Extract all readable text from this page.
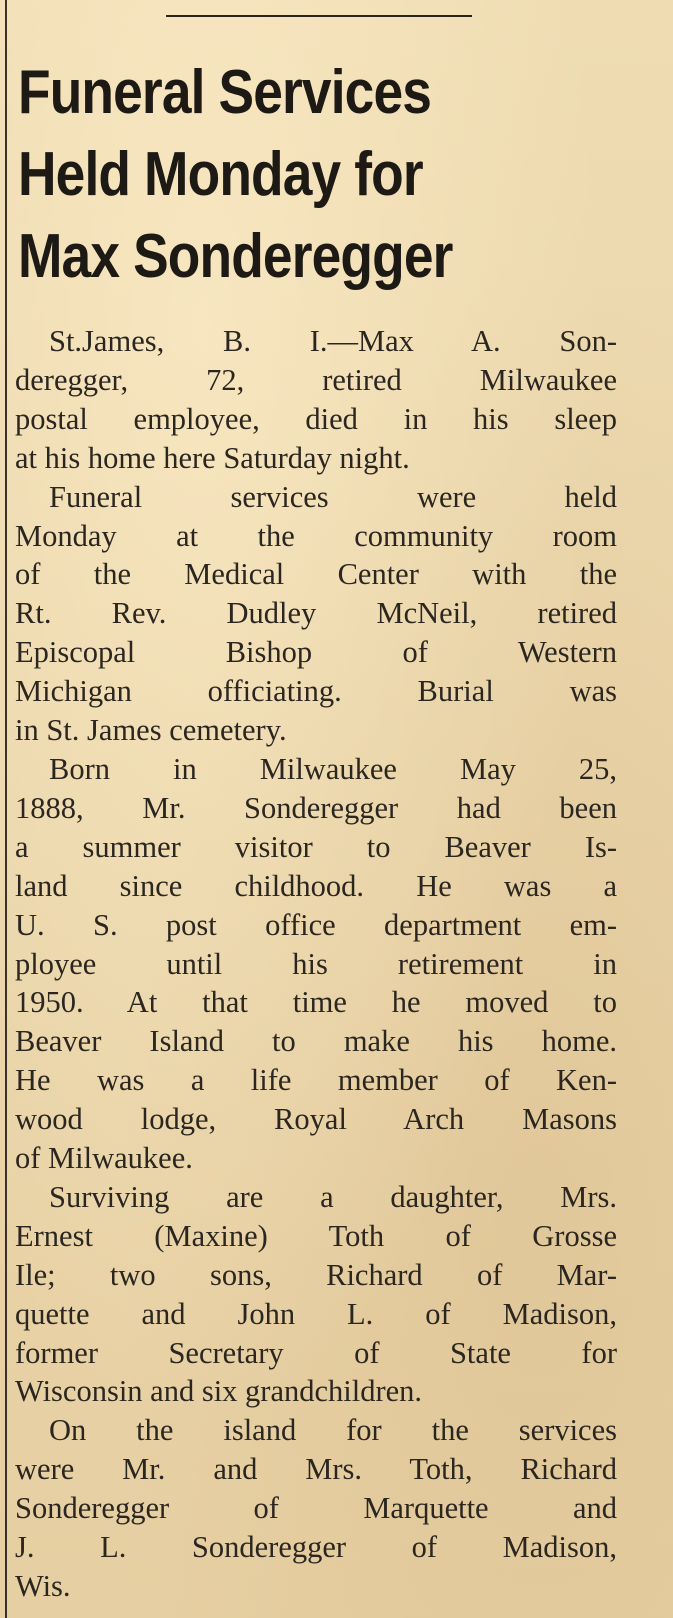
Funeral Services
Held Monday for
Max Sonderegger

St.James, B. I.—Max A. Son-
deregger, 72, retired Milwaukee
postal employee, died in his sleep
at his home here Saturday night.

Funeral services were held
Monday at the community room
of the Medical Center with the
Rt. Rev. Dudley McNeil, retired
Episcopal Bishop of Western
Michigan officiating. Burial was
in St. James cemetery.

Born in Milwaukee May 25,
1888, Mr. Sonderegger had been
a summer visitor to Beaver Is-
land since childhood. He was a
U. S. post office department em-
ployee until his retirement in
1950. At that time he moved to
Beaver Island to make his home.
He was a life member of Ken-
wood lodge, Royal Arch Masons
of Milwaukee.

Surviving are a daughter, Mrs.
Ernest (Maxine) Toth of Grosse
Ile; two sons, Richard of Mar-
quette and John L. of Madison,
former Secretary of State for
Wisconsin and six grandchildren.

On the island for the services
were Mr. and Mrs. Toth, Richard
Sonderegger of Marquette and
J. L. Sonderegger of Madison,
Wis.
